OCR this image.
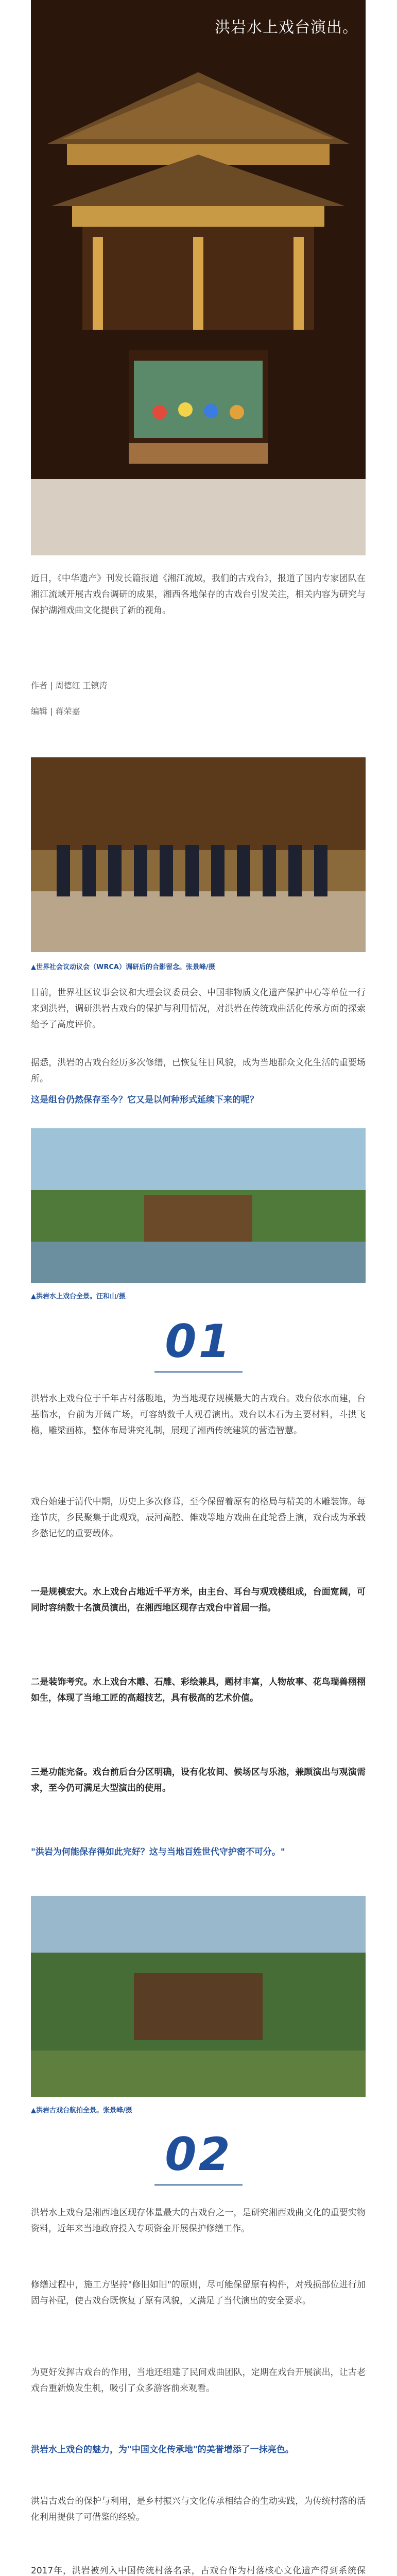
洪岩水上戏台演出。

近日，《中华遗产》刊发长篇报道《湘江流域，我们的古戏台》，报道了国内专家团队在湘江流域开展古戏台调研的成果，湘西各地保存的古戏台引发关注，相关内容为研究与保护湖湘戏曲文化提供了新的视角。

作者 | 周德红 王镇涛
编辑 | 蒋荣嘉
▲世界社会议动议会（WRCA）调研后的合影留念。张景峰/摄

目前，世界社区议事会议和大理会议委员会、中国非物质文化遗产保护中心等单位一行来到洪岩，调研洪岩古戏台的保护与利用情况，对洪岩在传统戏曲活化传承方面的探索给予了高度评价。

据悉，洪岩的古戏台经历多次修缮，已恢复往日风貌，成为当地群众文化生活的重要场所。

这是组台仍然保存至今？它又是以何种形式延续下来的呢？

▲洪岩水上戏台全景。汪和山/摄
01

洪岩水上戏台位于千年古村落腹地，为当地现存规模最大的古戏台。戏台依水而建，台基临水，台前为开阔广场，可容纳数千人观看演出。戏台以木石为主要材料，斗拱飞檐，雕梁画栋，整体布局讲究礼制，展现了湘西传统建筑的营造智慧。

戏台始建于清代中期，历史上多次修葺，至今保留着原有的格局与精美的木雕装饰。每逢节庆，乡民聚集于此观戏，辰河高腔、傩戏等地方戏曲在此轮番上演，戏台成为承载乡愁记忆的重要载体。

一是规模宏大。水上戏台占地近千平方米，由主台、耳台与观戏楼组成，台面宽阔，可同时容纳数十名演员演出，在湘西地区现存古戏台中首屈一指。

二是装饰考究。水上戏台木雕、石雕、彩绘兼具，题材丰富，人物故事、花鸟瑞兽栩栩如生，体现了当地工匠的高超技艺，具有极高的艺术价值。

三是功能完备。戏台前后台分区明确，设有化妆间、候场区与乐池，兼顾演出与观演需求，至今仍可满足大型演出的使用。

"洪岩为何能保存得如此完好？这与当地百姓世代守护密不可分。"

▲洪岩古戏台航拍全景。张景峰/摄
02

洪岩水上戏台是湘西地区现存体量最大的古戏台之一，是研究湘西戏曲文化的重要实物资料，近年来当地政府投入专项资金开展保护修缮工作。

修缮过程中，施工方坚持"修旧如旧"的原则，尽可能保留原有构件，对残损部位进行加固与补配，使古戏台既恢复了原有风貌，又满足了当代演出的安全要求。

为更好发挥古戏台的作用，当地还组建了民间戏曲团队，定期在戏台开展演出，让古老戏台重新焕发生机，吸引了众多游客前来观看。

洪岩水上戏台的魅力，为"中国文化传承地"的美誉增添了一抹亮色。

洪岩古戏台的保护与利用，是乡村振兴与文化传承相结合的生动实践，为传统村落的活化利用提供了可借鉴的经验。

2017年，洪岩被列入中国传统村落名录，古戏台作为村落核心文化遗产得到系统保
